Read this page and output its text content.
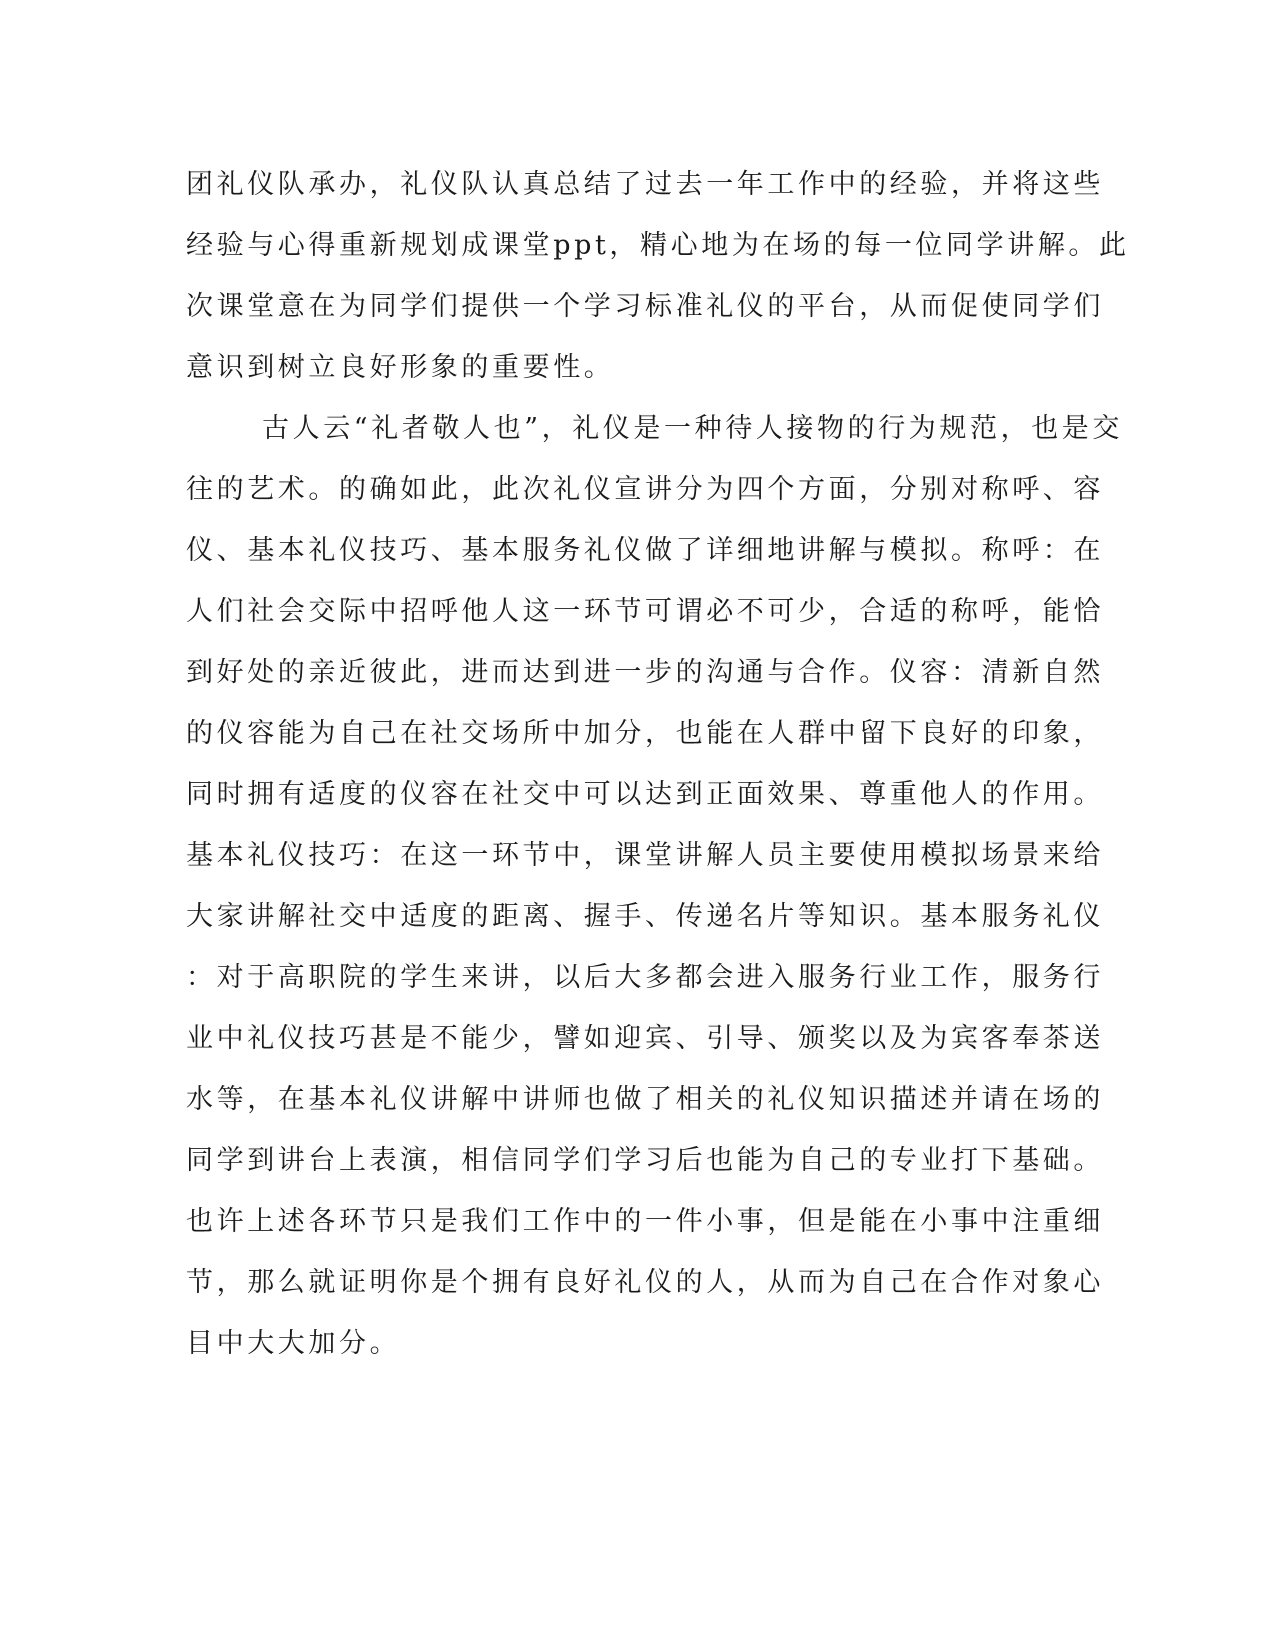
团礼仪队承办，礼仪队认真总结了过去一年工作中的经验，并将这些
经验与心得重新规划成课堂ppt，精心地为在场的每一位同学讲解。此
次课堂意在为同学们提供一个学习标准礼仪的平台，从而促使同学们
意识到树立良好形象的重要性。
古人云“礼者敬人也”，礼仪是一种待人接物的行为规范，也是交
往的艺术。的确如此，此次礼仪宣讲分为四个方面，分别对称呼、容
仪、基本礼仪技巧、基本服务礼仪做了详细地讲解与模拟。称呼：在
人们社会交际中招呼他人这一环节可谓必不可少，合适的称呼，能恰
到好处的亲近彼此，进而达到进一步的沟通与合作。仪容：清新自然
的仪容能为自己在社交场所中加分，也能在人群中留下良好的印象，
同时拥有适度的仪容在社交中可以达到正面效果、尊重他人的作用。
基本礼仪技巧：在这一环节中，课堂讲解人员主要使用模拟场景来给
大家讲解社交中适度的距离、握手、传递名片等知识。基本服务礼仪
：对于高职院的学生来讲，以后大多都会进入服务行业工作，服务行
业中礼仪技巧甚是不能少，譬如迎宾、引导、颁奖以及为宾客奉茶送
水等，在基本礼仪讲解中讲师也做了相关的礼仪知识描述并请在场的
同学到讲台上表演，相信同学们学习后也能为自己的专业打下基础。
也许上述各环节只是我们工作中的一件小事，但是能在小事中注重细
节，那么就证明你是个拥有良好礼仪的人，从而为自己在合作对象心
目中大大加分。
